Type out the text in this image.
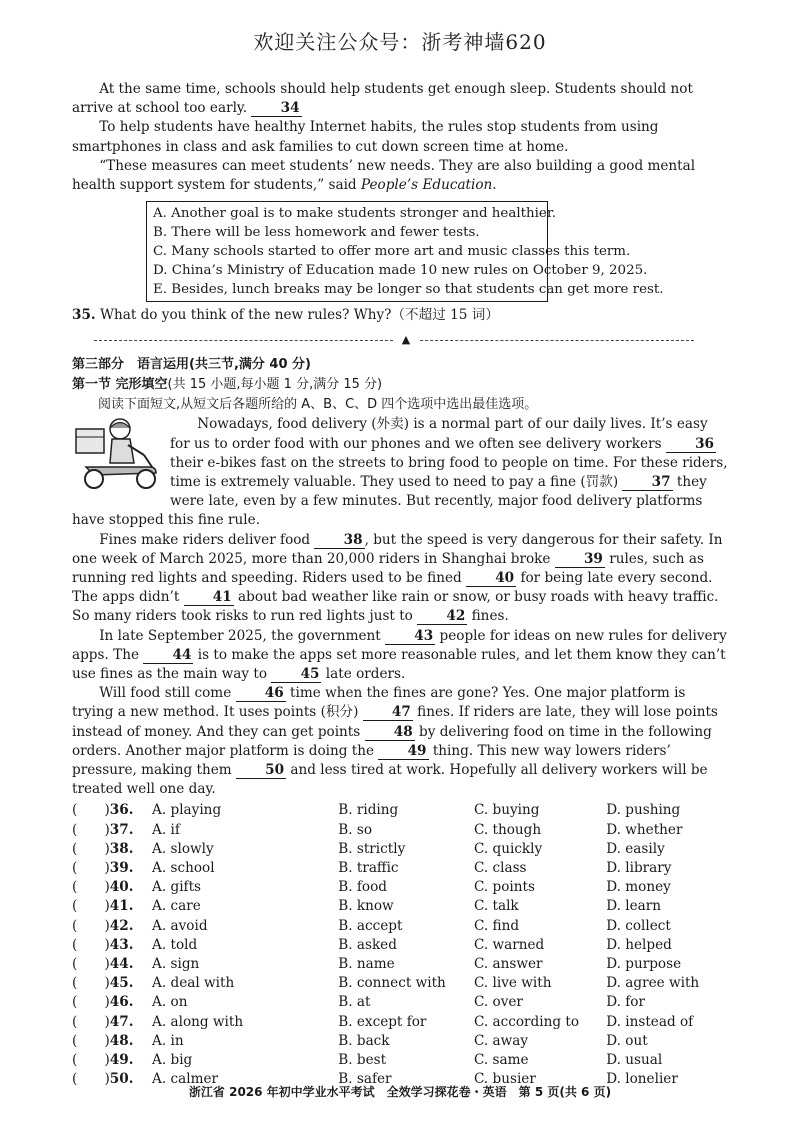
欢迎关注公众号：浙考神墙620

At the same time, schools should help students get enough sleep. Students should not arrive at school too early. 34

To help students have healthy Internet habits, the rules stop students from using smartphones in class and ask families to cut down screen time at home.

“These measures can meet students’ new needs. They are also building a good mental health support system for students,” said People’s Education.

A. Another goal is to make students stronger and healthier.
B. There will be less homework and fewer tests.
C. Many schools started to offer more art and music classes this term.
D. China’s Ministry of Education made 10 new rules on October 9, 2025.
E. Besides, lunch breaks may be longer so that students can get more rest.

35. What do you think of the new rules? Why?（不超过 15 词）

▲

第三部分　语言运用(共三节,满分 40 分)

第一节 完形填空(共 15 小题,每小题 1 分,满分 15 分)

阅读下面短文,从短文后各题所给的 A、B、C、D 四个选项中选出最佳选项。

Nowadays, food delivery (外卖) is a normal part of our daily lives. It’s easy for us to order food with our phones and we often see delivery workers 36 their e-bikes fast on the streets to bring food to people on time. For these riders, time is extremely valuable. They used to need to pay a fine (罚款) 37 they were late, even by a few minutes. But recently, major food delivery platforms have stopped this fine rule.

Fines make riders deliver food 38 , but the speed is very dangerous for their safety. In one week of March 2025, more than 20,000 riders in Shanghai broke 39 rules, such as running red lights and speeding. Riders used to be fined 40 for being late every second. The apps didn’t 41 about bad weather like rain or snow, or busy roads with heavy traffic. So many riders took risks to run red lights just to 42 fines.

In late September 2025, the government 43 people for ideas on new rules for delivery apps. The 44 is to make the apps set more reasonable rules, and let them know they can’t use fines as the main way to 45 late orders.

Will food still come 46 time when the fines are gone? Yes. One major platform is trying a new method. It uses points (积分) 47 fines. If riders are late, they will lose points instead of money. And they can get points 48 by delivering food on time in the following orders. Another major platform is doing the 49 thing. This new way lowers riders’ pressure, making them 50 and less tired at work. Hopefully all delivery workers will be treated well one day.

(　　)36.	A. playing	B. riding	C. buying	D. pushing
(　　)37.	A. if	B. so	C. though	D. whether
(　　)38.	A. slowly	B. strictly	C. quickly	D. easily
(　　)39.	A. school	B. traffic	C. class	D. library
(　　)40.	A. gifts	B. food	C. points	D. money
(　　)41.	A. care	B. know	C. talk	D. learn
(　　)42.	A. avoid	B. accept	C. find	D. collect
(　　)43.	A. told	B. asked	C. warned	D. helped
(　　)44.	A. sign	B. name	C. answer	D. purpose
(　　)45.	A. deal with	B. connect with	C. live with	D. agree with
(　　)46.	A. on	B. at	C. over	D. for
(　　)47.	A. along with	B. except for	C. according to	D. instead of
(　　)48.	A. in	B. back	C. away	D. out
(　　)49.	A. big	B. best	C. same	D. usual
(　　)50.	A. calmer	B. safer	C. busier	D. lonelier
浙江省 2026 年初中学业水平考试　全效学习探花卷・英语　第 5 页(共 6 页)
